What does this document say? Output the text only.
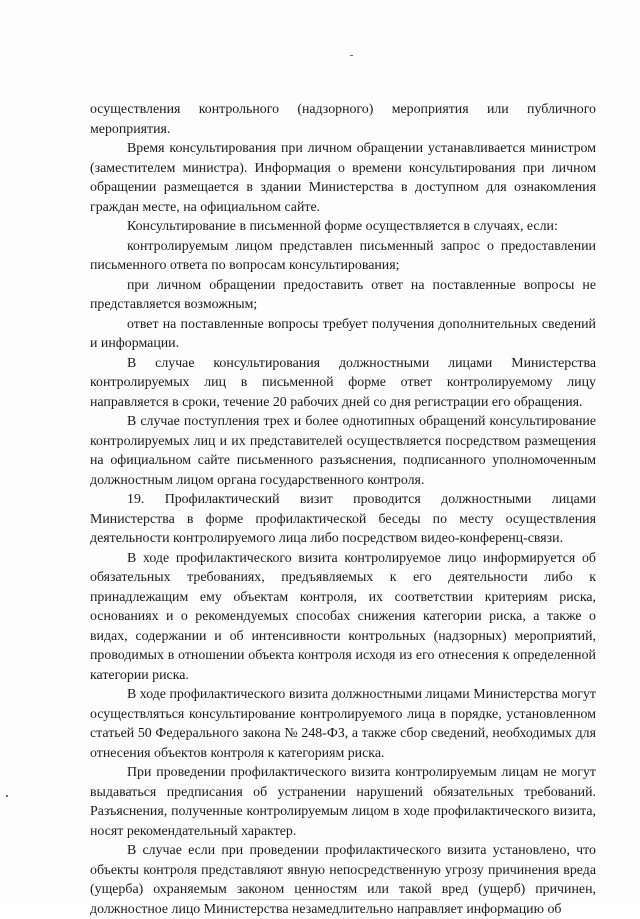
осуществления контрольного (надзорного) мероприятия или публичного мероприятия.

Время консультирования при личном обращении устанавливается министром (заместителем министра). Информация о времени консультирования при личном обращении размещается в здании Министерства в доступном для ознакомления граждан месте, на официальном сайте.

Консультирование в письменной форме осуществляется в случаях, если:

контролируемым лицом представлен письменный запрос о предоставлении письменного ответа по вопросам консультирования;

при личном обращении предоставить ответ на поставленные вопросы не представляется возможным;

ответ на поставленные вопросы требует получения дополнительных сведений и информации.

В случае консультирования должностными лицами Министерства контролируемых лиц в письменной форме ответ контролируемому лицу направляется в сроки, течение 20 рабочих дней со дня регистрации его обращения.

В случае поступления трех и более однотипных обращений консультирование контролируемых лиц и их представителей осуществляется посредством размещения на официальном сайте письменного разъяснения, подписанного уполномоченным должностным лицом органа государственного контроля.

19. Профилактический визит проводится должностными лицами Министерства в форме профилактической беседы по месту осуществления деятельности контролируемого лица либо посредством видео-конференц-связи.

В ходе профилактического визита контролируемое лицо информируется об обязательных требованиях, предъявляемых к его деятельности либо к принадлежащим ему объектам контроля, их соответствии критериям риска, основаниях и о рекомендуемых способах снижения категории риска, а также о видах, содержании и об интенсивности контрольных (надзорных) мероприятий, проводимых в отношении объекта контроля исходя из его отнесения к определенной категории риска.

В ходе профилактического визита должностными лицами Министерства могут осуществляться консультирование контролируемого лица в порядке, установленном статьей 50 Федерального закона № 248-ФЗ, а также сбор сведений, необходимых для отнесения объектов контроля к категориям риска.

При проведении профилактического визита контролируемым лицам не могут выдаваться предписания об устранении нарушений обязательных требований. Разъяснения, полученные контролируемым лицом в ходе профилактического визита, носят рекомендательный характер.

В случае если при проведении профилактического визита установлено, что объекты контроля представляют явную непосредственную угрозу причинения вреда (ущерба) охраняемым законом ценностям или такой вред (ущерб) причинен, должностное лицо Министерства незамедлительно направляет информацию об
